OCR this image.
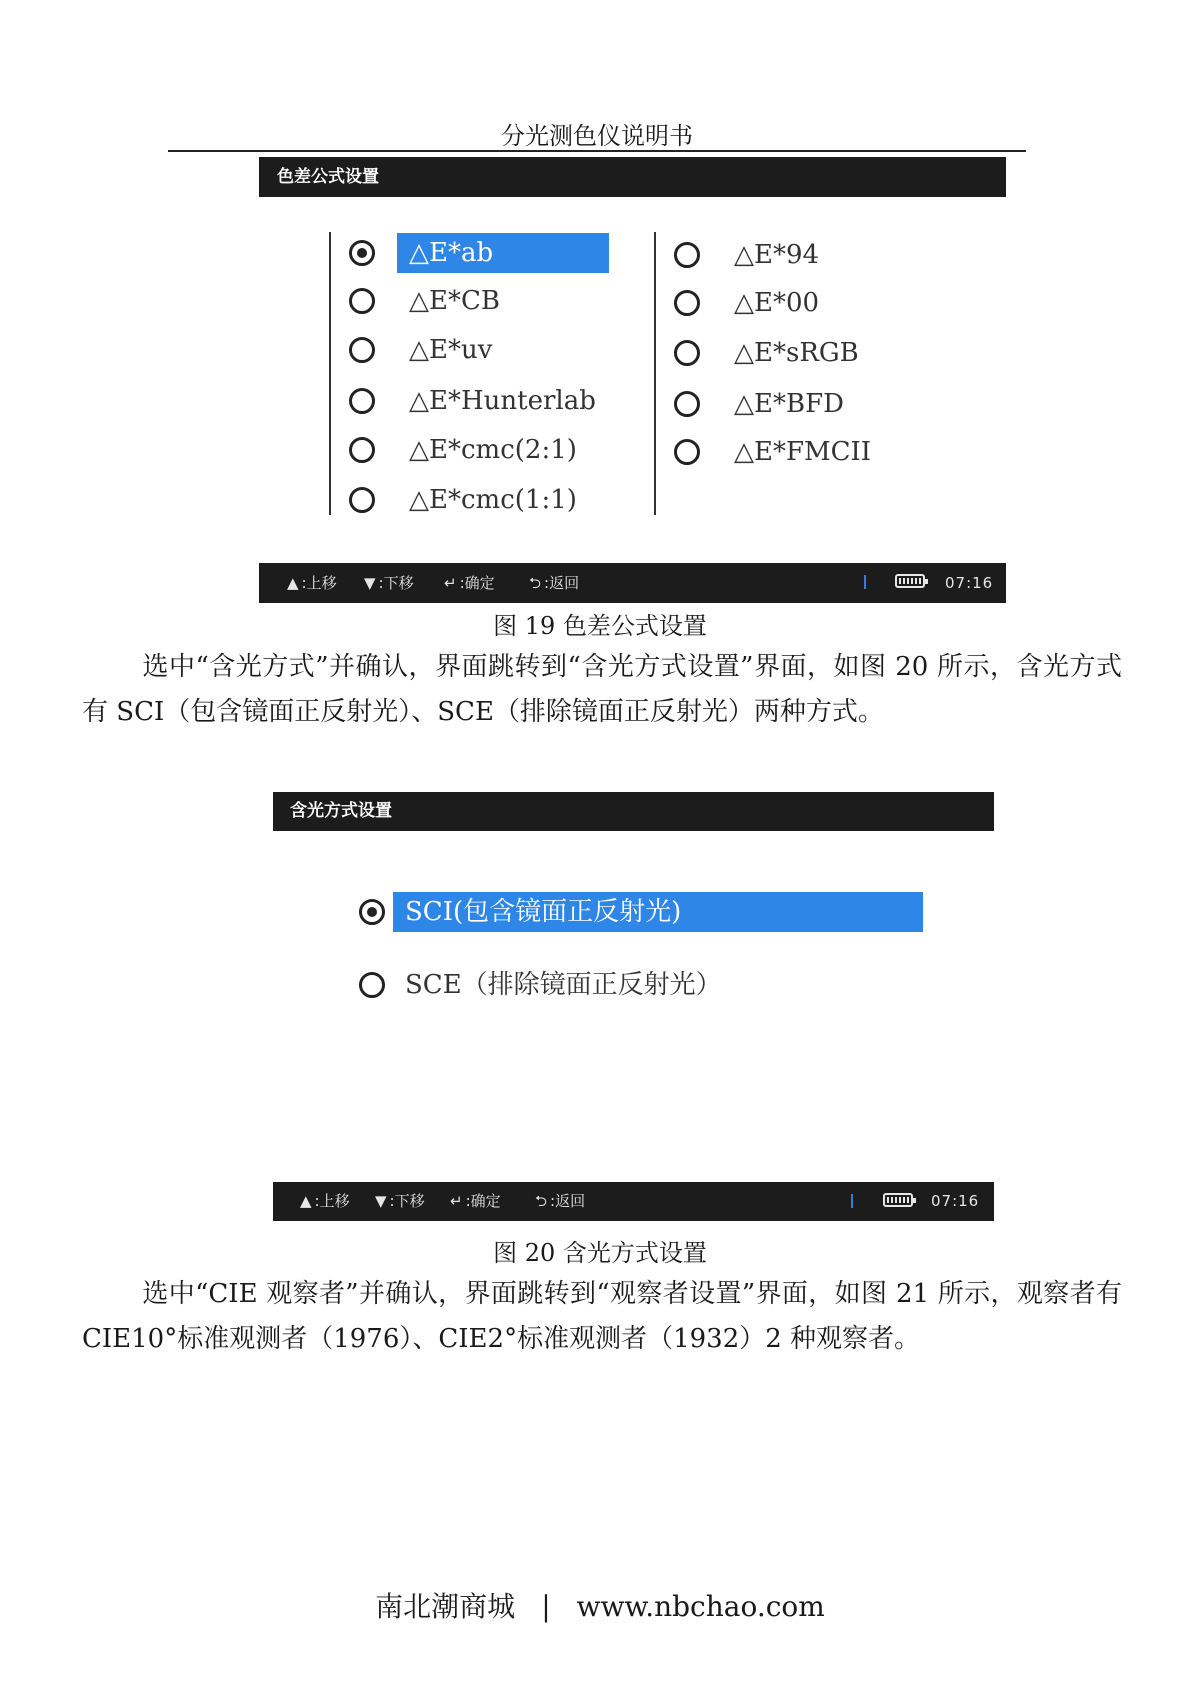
分光测色仪说明书
色差公式设置
△E*ab
△E*CB
△E*uv
△E*Hunterlab
△E*cmc(2:1)
△E*cmc(1:1)
△E*94
△E*00
△E*sRGB
△E*BFD
△E*FMCII
▲ :上移 ▼ :下移 ↵ :确定 ⮌ :返回	07:16
图 19 色差公式设置
选中“含光方式”并确认，界面跳转到“含光方式设置”界面，如图 20 所示，含光方式有 SCI（包含镜面正反射光）、SCE（排除镜面正反射光）两种方式。
含光方式设置
SCI(包含镜面正反射光)
SCE（排除镜面正反射光）
▲ :上移 ▼ :下移 ↵ :确定 ⮌ :返回	07:16
图 20 含光方式设置
选中“CIE 观察者”并确认，界面跳转到“观察者设置”界面，如图 21 所示，观察者有 CIE10°标准观测者（1976）、CIE2°标准观测者（1932）2 种观察者。
南北潮商城 | www.nbchao.com
